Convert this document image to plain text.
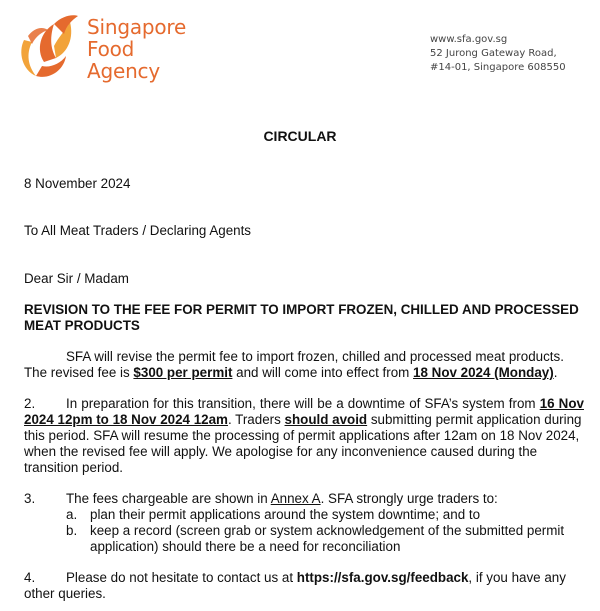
Singapore
Food
Agency
www.sfa.gov.sg
52 Jurong Gateway Road,
#14-01, Singapore 608550
CIRCULAR
8 November 2024
To All Meat Traders / Declaring Agents
Dear Sir / Madam
REVISION TO THE FEE FOR PERMIT TO IMPORT FROZEN, CHILLED AND PROCESSED
MEAT PRODUCTS
SFA will revise the permit fee to import frozen, chilled and processed meat products.
The revised fee is $300 per permit and will come into effect from 18 Nov 2024 (Monday).
2. In preparation for this transition, there will be a downtime of SFA’s system from 16 Nov
2024 12pm to 18 Nov 2024 12am. Traders should avoid submitting permit application during
this period. SFA will resume the processing of permit applications after 12am on 18 Nov 2024,
when the revised fee will apply. We apologise for any inconvenience caused during the
transition period.
3. The fees chargeable are shown in Annex A. SFA strongly urge traders to:
a. plan their permit applications around the system downtime; and to
b. keep a record (screen grab or system acknowledgement of the submitted permit
application) should there be a need for reconciliation
4. Please do not hesitate to contact us at https://sfa.gov.sg/feedback, if you have any
other queries.
